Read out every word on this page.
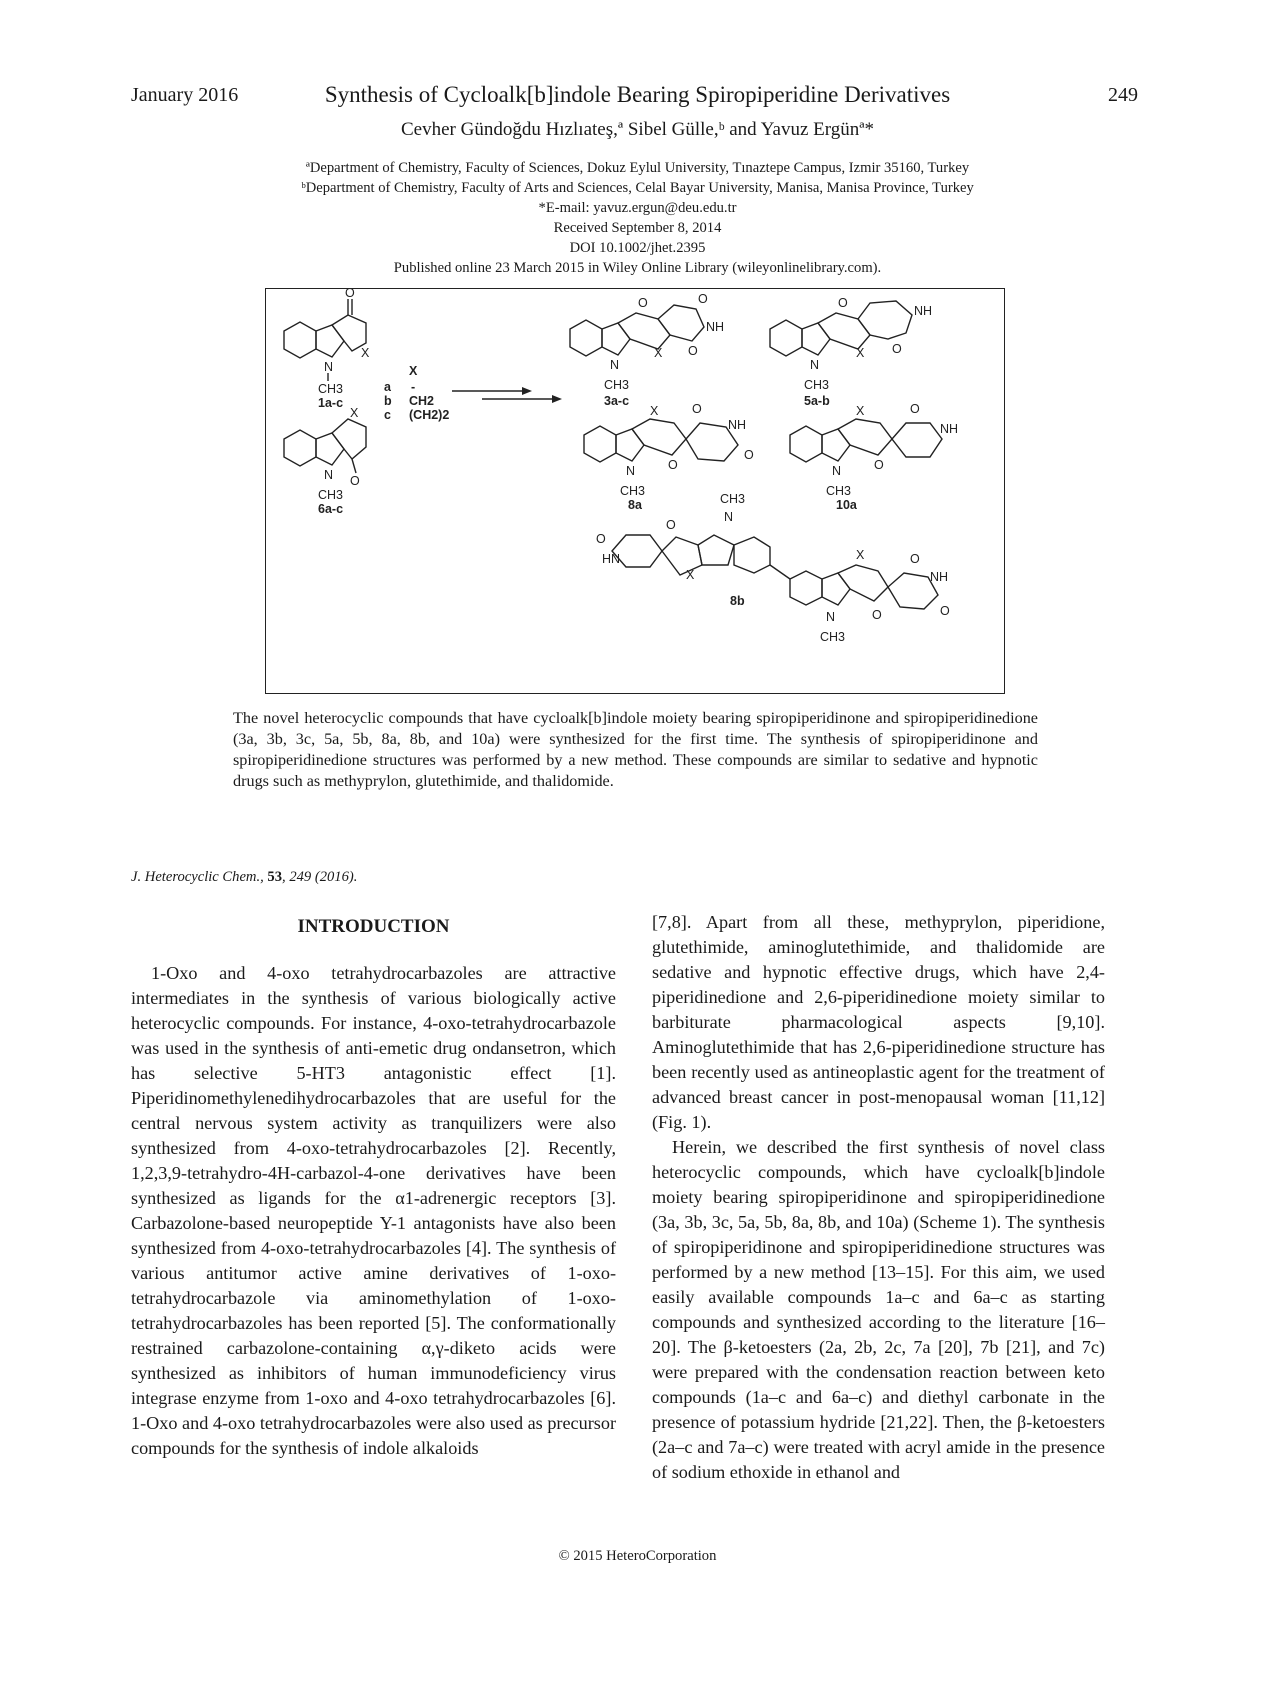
January 2016	Synthesis of Cycloalk[b]indole Bearing Spiropiperidine Derivatives	249
Cevher Gündoğdu Hızlıateş,ª Sibel Gülle,ᵇ and Yavuz Ergünª*
ªDepartment of Chemistry, Faculty of Sciences, Dokuz Eylul University, Tınaztepe Campus, Izmir 35160, Turkey
ᵇDepartment of Chemistry, Faculty of Arts and Sciences, Celal Bayar University, Manisa, Manisa Province, Turkey
*E-mail: yavuz.ergun@deu.edu.tr
Received September 8, 2014
DOI 10.1002/jhet.2395
Published online 23 March 2015 in Wiley Online Library (wileyonlinelibrary.com).
O
X
N
CH3
1a-c
X
O
N
CH3
6a-c
X
a -
b CH2
c (CH2)2
O	O
NH
O
X
N
CH3
3a-c
O
NH
O
X
N
CH3
5a-b
X	O
NH
O
O
N
CH3
8a
X	O
NH
O
N
CH3
10a
O
HN
O
N
CH3
X
X	O
NH
O
O
N
CH3
8b
The novel heterocyclic compounds that have cycloalk[b]indole moiety bearing spiropiperidinone and spiropiperidinedione (3a, 3b, 3c, 5a, 5b, 8a, 8b, and 10a) were synthesized for the first time. The synthesis of spiropiperidinone and spiropiperidinedione structures was performed by a new method. These compounds are similar to sedative and hypnotic drugs such as methyprylon, glutethimide, and thalidomide.
J. Heterocyclic Chem., 53, 249 (2016).
INTRODUCTION

1-Oxo and 4-oxo tetrahydrocarbazoles are attractive intermediates in the synthesis of various biologically active heterocyclic compounds. For instance, 4-oxo-tetrahydrocarbazole was used in the synthesis of anti-emetic drug ondansetron, which has selective 5-HT3 antagonistic effect [1]. Piperidinomethylenedihydrocarbazoles that are useful for the central nervous system activity as tranquilizers were also synthesized from 4-oxo-tetrahydrocarbazoles [2]. Recently, 1,2,3,9-tetrahydro-4H-carbazol-4-one derivatives have been synthesized as ligands for the α1-adrenergic receptors [3]. Carbazolone-based neuropeptide Y-1 antagonists have also been synthesized from 4-oxo-tetrahydrocarbazoles [4]. The synthesis of various antitumor active amine derivatives of 1-oxo-tetrahydrocarbazole via aminomethylation of 1-oxo-tetrahydrocarbazoles has been reported [5]. The conformationally restrained carbazolone-containing α,γ-diketo acids were synthesized as inhibitors of human immunodeficiency virus integrase enzyme from 1-oxo and 4-oxo tetrahydrocarbazoles [6]. 1-Oxo and 4-oxo tetrahydrocarbazoles were also used as precursor compounds for the synthesis of indole alkaloids

[7,8]. Apart from all these, methyprylon, piperidione, glutethimide, aminoglutethimide, and thalidomide are sedative and hypnotic effective drugs, which have 2,4-piperidinedione and 2,6-piperidinedione moiety similar to barbiturate pharmacological aspects [9,10]. Aminoglutethimide that has 2,6-piperidinedione structure has been recently used as antineoplastic agent for the treatment of advanced breast cancer in post-menopausal woman [11,12] (Fig. 1).

Herein, we described the first synthesis of novel class heterocyclic compounds, which have cycloalk[b]indole moiety bearing spiropiperidinone and spiropiperidinedione (3a, 3b, 3c, 5a, 5b, 8a, 8b, and 10a) (Scheme 1). The synthesis of spiropiperidinone and spiropiperidinedione structures was performed by a new method [13–15]. For this aim, we used easily available compounds 1a–c and 6a–c as starting compounds and synthesized according to the literature [16–20]. The β-ketoesters (2a, 2b, 2c, 7a [20], 7b [21], and 7c) were prepared with the condensation reaction between keto compounds (1a–c and 6a–c) and diethyl carbonate in the presence of potassium hydride [21,22]. Then, the β-ketoesters (2a–c and 7a–c) were treated with acryl amide in the presence of sodium ethoxide in ethanol and

© 2015 HeteroCorporation
